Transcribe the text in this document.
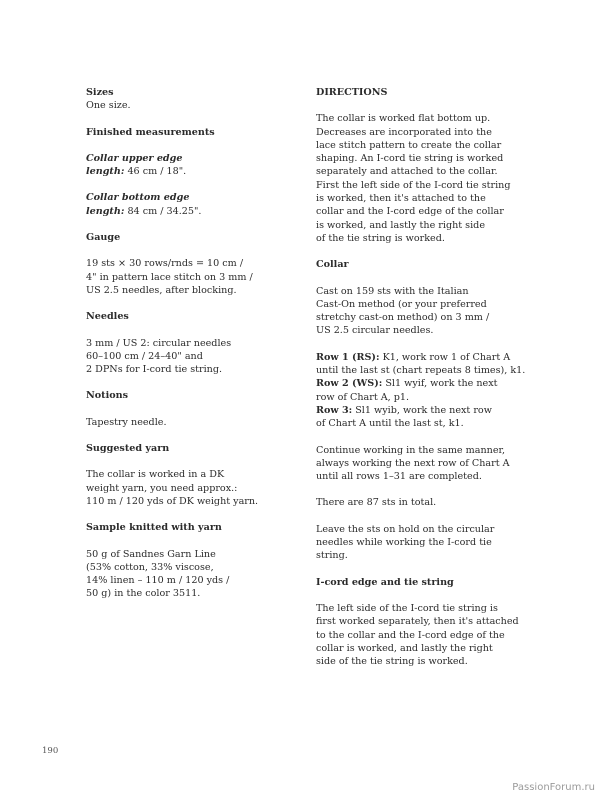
Sizes
One size.
Finished measurements
Collar upper edge
length: 46 cm / 18".
Collar bottom edge
length: 84 cm / 34.25".
Gauge
19 sts × 30 rows/rnds = 10 cm /
4" in pattern lace stitch on 3 mm /
US 2.5 needles, after blocking.
Needles
3 mm / US 2: circular needles
60–100 cm / 24–40" and
2 DPNs for I-cord tie string.
Notions
Tapestry needle.
Suggested yarn
The collar is worked in a DK
weight yarn, you need approx.:
110 m / 120 yds of DK weight yarn.
Sample knitted with yarn
50 g of Sandnes Garn Line
(53% cotton, 33% viscose,
14% linen – 110 m / 120 yds /
50 g) in the color 3511.
DIRECTIONS
The collar is worked flat bottom up.
Decreases are incorporated into the
lace stitch pattern to create the collar
shaping. An I-cord tie string is worked
separately and attached to the collar.
First the left side of the I-cord tie string
is worked, then it's attached to the
collar and the I-cord edge of the collar
is worked, and lastly the right side
of the tie string is worked.
Collar
Cast on 159 sts with the Italian
Cast-On method (or your preferred
stretchy cast-on method) on 3 mm /
US 2.5 circular needles.
Row 1 (RS): K1, work row 1 of Chart A
until the last st (chart repeats 8 times), k1.
Row 2 (WS): Sl1 wyif, work the next
row of Chart A, p1.
Row 3: Sl1 wyib, work the next row
of Chart A until the last st, k1.
Continue working in the same manner,
always working the next row of Chart A
until all rows 1–31 are completed.
There are 87 sts in total.
Leave the sts on hold on the circular
needles while working the I-cord tie
string.
I-cord edge and tie string
The left side of the I-cord tie string is
first worked separately, then it's attached
to the collar and the I-cord edge of the
collar is worked, and lastly the right
side of the tie string is worked.
190
PassionForum.ru
